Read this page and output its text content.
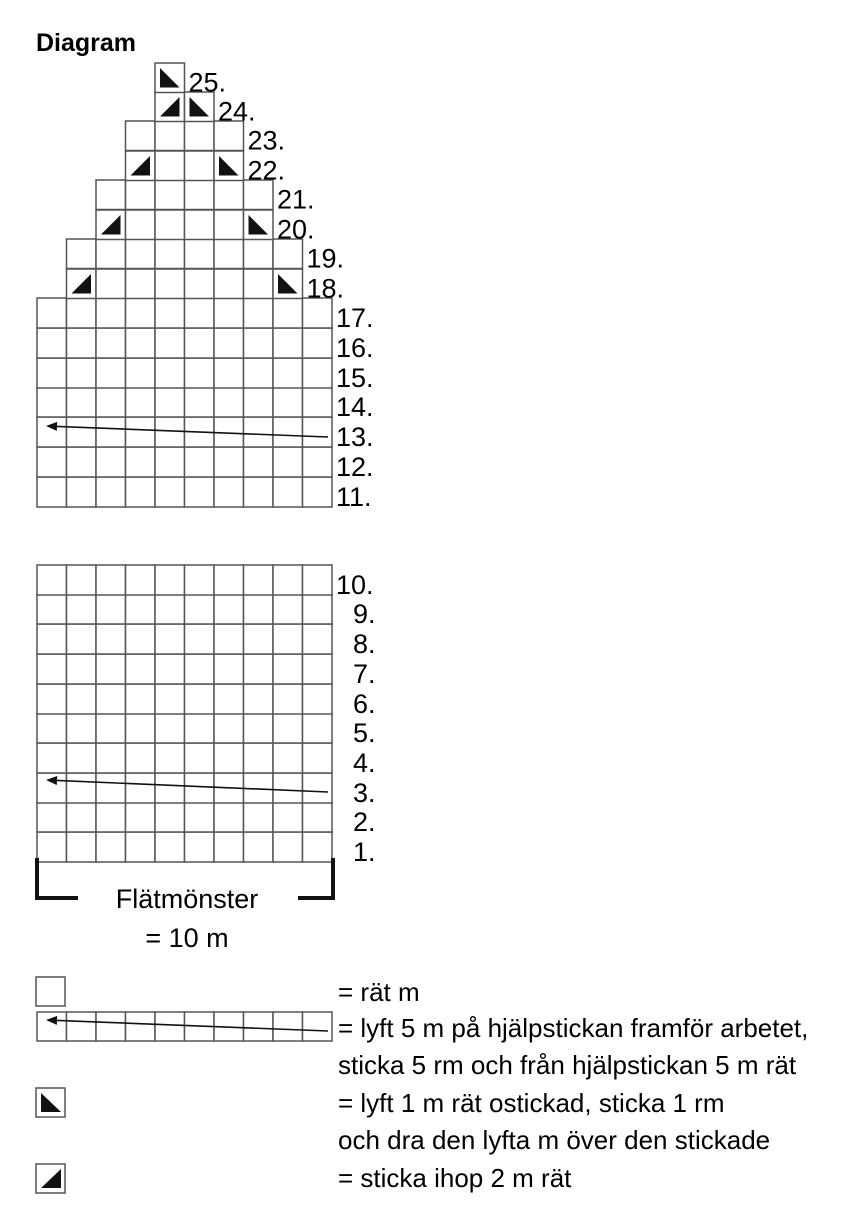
Diagram
1.
2.
3.
4.
5.
6.
7.
8.
9.
10.
11.
12.
13.
14.
15.
16.
17.
18.
19.
20.
21.
22.
23.
24.
25.
Flätmönster
= 10 m
= rät m
= lyft 5 m på hjälpstickan framför arbetet,
sticka 5 rm och från hjälpstickan 5 m rät
= lyft 1 m rät ostickad, sticka 1 rm
och dra den lyfta m över den stickade
= sticka ihop 2 m rät
